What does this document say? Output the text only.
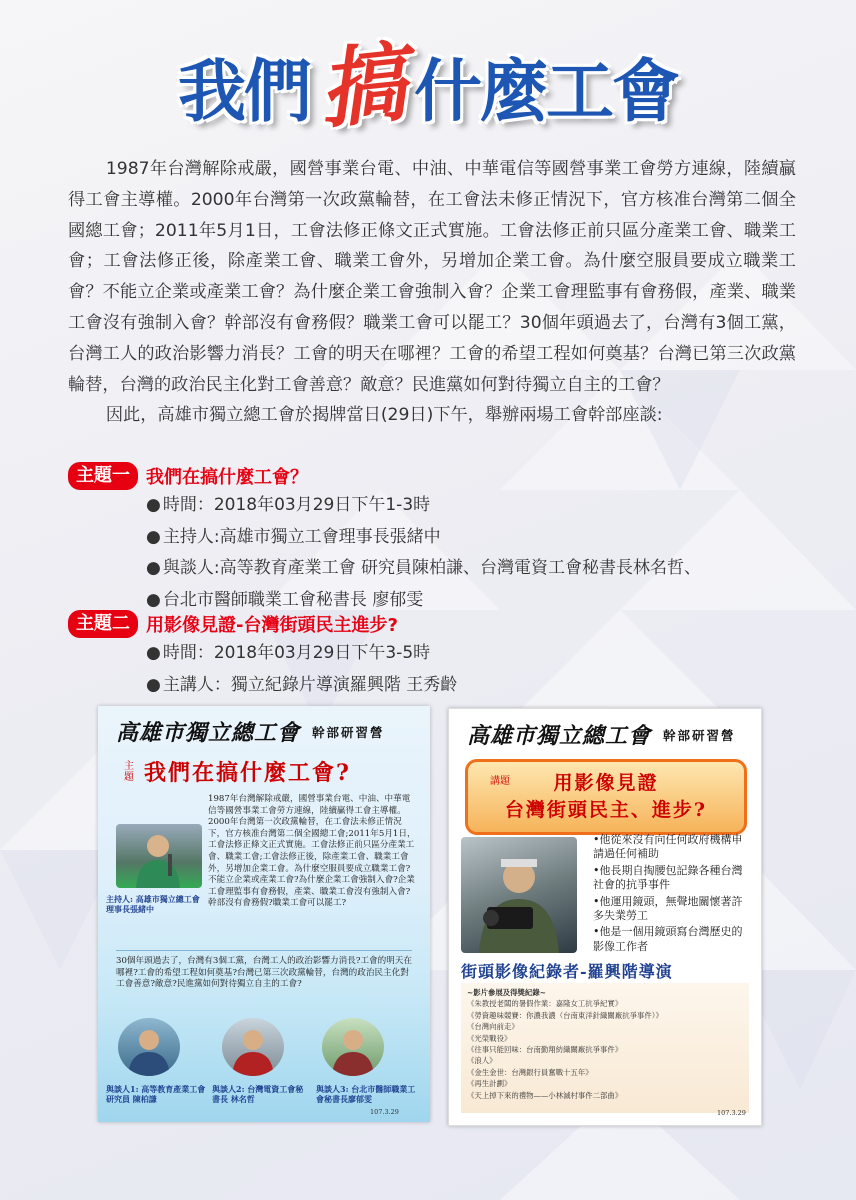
我們 搞 什麼工會

1987年台灣解除戒嚴，國營事業台電、中油、中華電信等國營事業工會勞方連線，陸續贏得工會主導權。2000年台灣第一次政黨輪替，在工會法未修正情況下，官方核准台灣第二個全國總工會；2011年5月1日，工會法修正條文正式實施。工會法修正前只區分產業工會、職業工會；工會法修正後，除產業工會、職業工會外，另增加企業工會。為什麼空服員要成立職業工會？不能立企業或產業工會？為什麼企業工會強制入會？企業工會理監事有會務假，產業、職業工會沒有強制入會？幹部沒有會務假？職業工會可以罷工？30個年頭過去了，台灣有3個工黨，台灣工人的政治影響力消長？工會的明天在哪裡？工會的希望工程如何奠基？台灣已第三次政黨輪替，台灣的政治民主化對工會善意？敵意？民進黨如何對待獨立自主的工會？

因此，高雄市獨立總工會於揭牌當日(29日)下午，舉辦兩場工會幹部座談:

主題一 我們在搞什麼工會？
● 時間：2018年03月29日下午1-3時
● 主持人:高雄市獨立工會理事長張緒中
● 與談人:高等教育產業工會 研究員陳柏謙、台灣電資工會秘書長林名哲、
● 台北市醫師職業工會秘書長 廖郁雯
主題二 用影像見證-台灣街頭民主進步?
● 時間：2018年03月29日下午3-5時
● 主講人：獨立紀錄片導演羅興階 王秀齡
高雄市獨立總工會 幹部研習營
主題 我們在搞什麼工會?
1987年台灣解除戒嚴，國營事業台電、中油、中華電信等國營事業工會勞方連線，陸續贏得工會主導權。2000年台灣第一次政黨輪替，在工會法未修正情況下，官方核准台灣第二個全國總工會;2011年5月1日，工會法修正條文正式實施。工會法修正前只區分產業工會、職業工會;工會法修正後，除產業工會、職業工會外，另增加企業工會。為什麼空服員要成立職業工會?不能立企業或產業工會?為什麼企業工會強制入會?企業工會理監事有會務假，產業、職業工會沒有強制入會?幹部沒有會務假?職業工會可以罷工?
主持人: 高雄市獨立總工會理事長張緒中
30個年頭過去了，台灣有3個工黨，台灣工人的政治影響力消長?工會的明天在哪裡?工會的希望工程如何奠基?台灣已第三次政黨輪替，台灣的政治民主化對工會善意?敵意?民進黨如何對待獨立自主的工會?
與談人1: 高等教育產業工會研究員 陳柏謙
與談人2: 台灣電資工會秘書長 林名哲
與談人3: 台北市醫師職業工會秘書長廖郁雯
107.3.29
高雄市獨立總工會 幹部研習營
講題	用影像見證
台灣街頭民主、進步?
•他從來沒有向任何政府機構申請過任何補助
•他長期自掏腰包記錄各種台灣社會的抗爭事件
•他運用鏡頭，無聲地關懷著許多失業勞工
•他是一個用鏡頭寫台灣歷史的影像工作者
街頭影像紀錄者-羅興階導演
~影片參展及得獎紀錄~
《朱教授老闆的暑假作業：嘉隆女工抗爭紀實》
《勞資趣味競賽：你濃我濃（台南東洋針織關廠抗爭事件）》
《台灣向前走》
《光榮戰役》
《往事只能回味：台南勤翔紡織關廠抗爭事件》
《浪人》
《金生金世：台灣銀行員奮戰十五年》
《再生計劃》
《天上掉下來的禮物——小林滅村事件二部曲》
107.3.29
